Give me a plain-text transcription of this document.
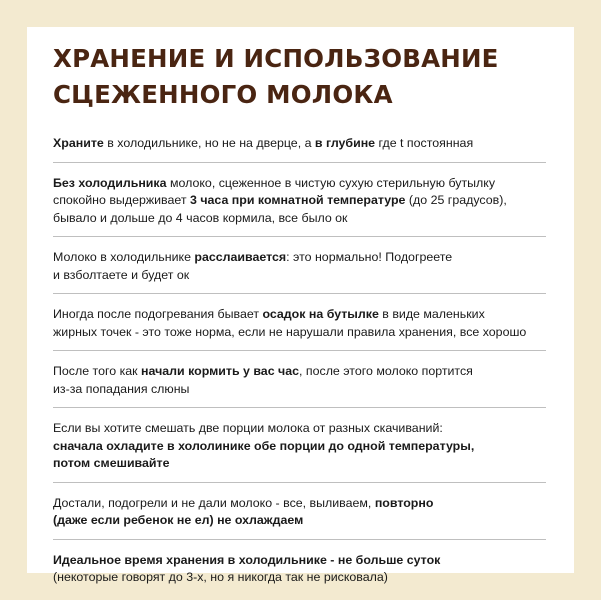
ХРАНЕНИЕ И ИСПОЛЬЗОВАНИЕ
СЦЕЖЕННОГО МОЛОКА
Храните в холодильнике, но не на дверце, а в глубине где t постоянная
Без холодильника молоко, сцеженное в чистую сухую стерильную бутылку
спокойно выдерживает 3 часа при комнатной температуре (до 25 градусов),
бывало и дольше до 4 часов кормила, все было ок
Молоко в холодильнике расслаивается: это нормально! Подогреете
и взболтаете и будет ок
Иногда после подогревания бывает осадок на бутылке в виде маленьких
жирных точек - это тоже норма, если не нарушали правила хранения, все хорошо
После того как начали кормить у вас час, после этого молоко портится
из-за попадания слюны
Если вы хотите смешать две порции молока от разных скачиваний:
сначала охладите в хололинике обе порции до одной температуры,
потом смешивайте
Достали, подогрели и не дали молоко - все, выливаем, повторно
(даже если ребенок не ел) не охлаждаем
Идеальное время хранения в холодильнике - не больше суток
(некоторые говорят до 3-х, но я никогда так не рисковала)
